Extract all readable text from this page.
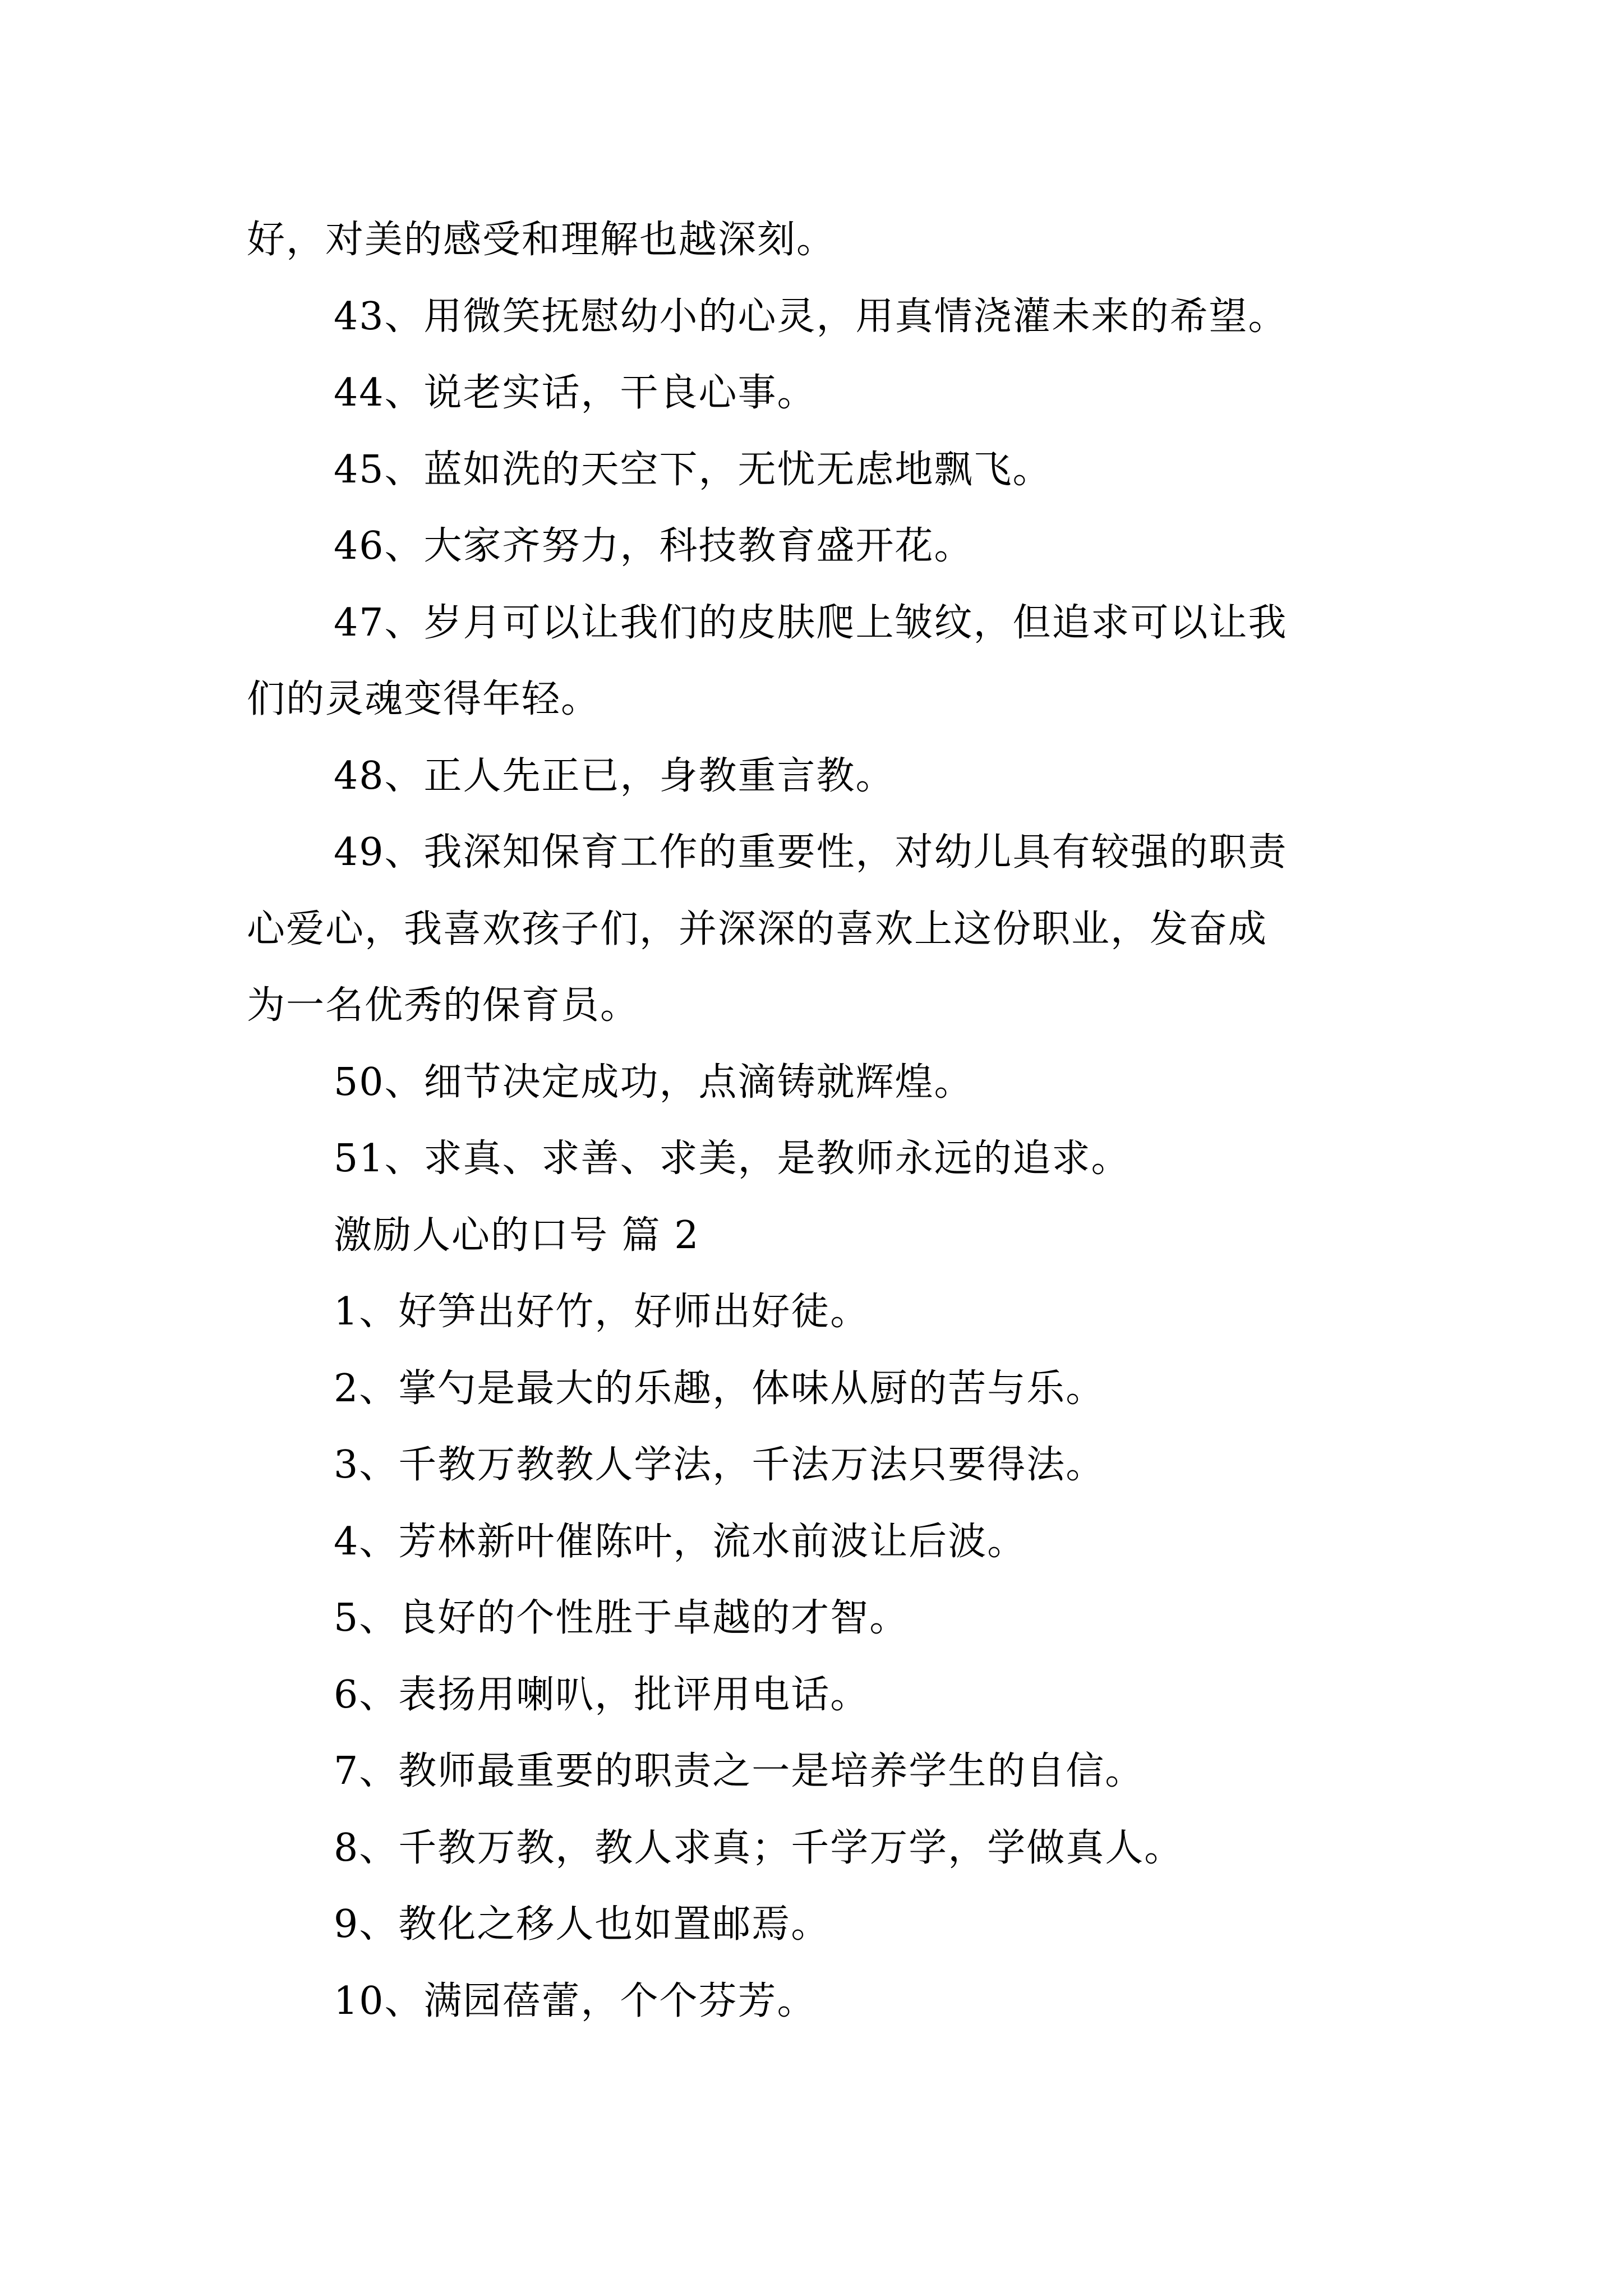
好，对美的感受和理解也越深刻。
43、用微笑抚慰幼小的心灵，用真情浇灌未来的希望。
44、说老实话，干良心事。
45、蓝如洗的天空下，无忧无虑地飘飞。
46、大家齐努力，科技教育盛开花。
47、岁月可以让我们的皮肤爬上皱纹，但追求可以让我
们的灵魂变得年轻。
48、正人先正已，身教重言教。
49、我深知保育工作的重要性，对幼儿具有较强的职责
心爱心，我喜欢孩子们，并深深的喜欢上这份职业，发奋成
为一名优秀的保育员。
50、细节决定成功，点滴铸就辉煌。
51、求真、求善、求美，是教师永远的追求。
激励人心的口号 篇 2
1、好笋出好竹，好师出好徒。
2、掌勺是最大的乐趣，体味从厨的苦与乐。
3、千教万教教人学法，千法万法只要得法。
4、芳林新叶催陈叶，流水前波让后波。
5、良好的个性胜于卓越的才智。
6、表扬用喇叭，批评用电话。
7、教师最重要的职责之一是培养学生的自信。
8、千教万教，教人求真；千学万学，学做真人。
9、教化之移人也如置邮焉。
10、满园蓓蕾，个个芬芳。
